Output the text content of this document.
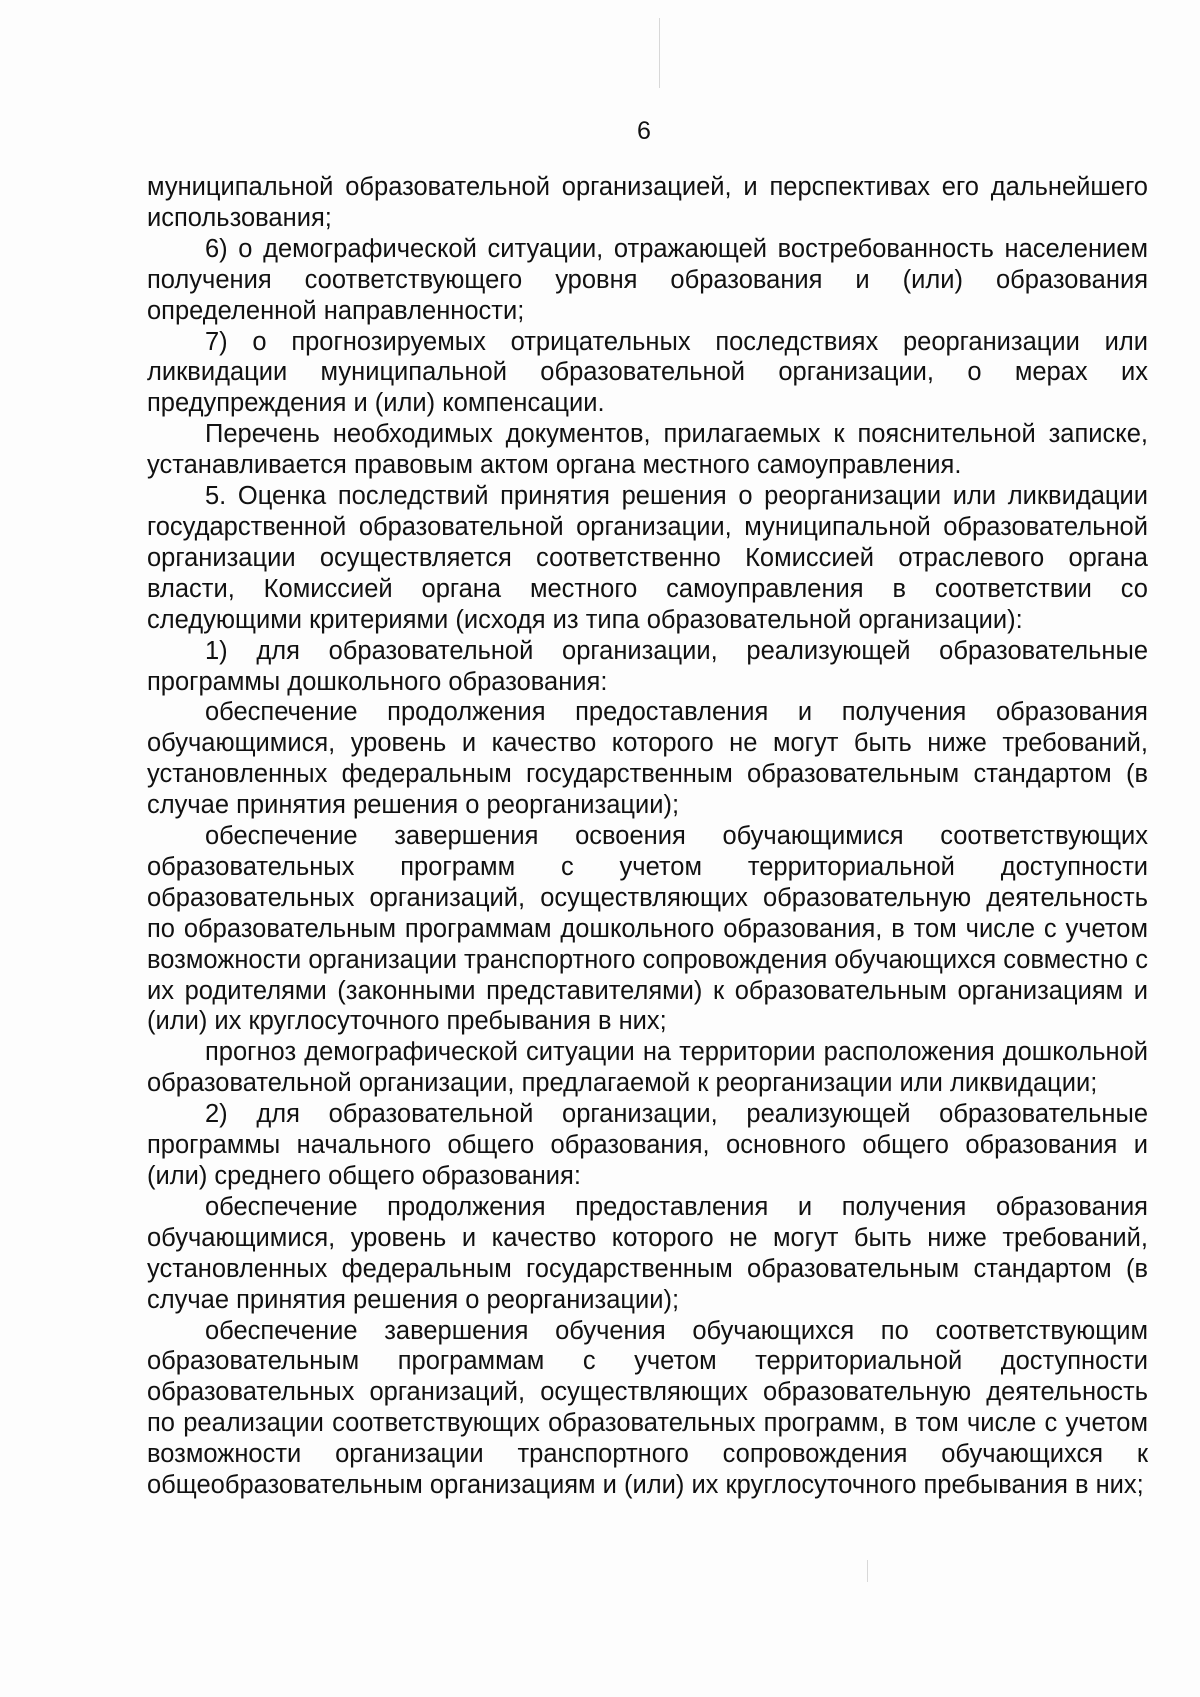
6

муниципальной образовательной организацией, и перспективах его дальнейшего использования;

6) о демографической ситуации, отражающей востребованность населением получения соответствующего уровня образования и (или) образования определенной направленности;

7) о прогнозируемых отрицательных последствиях реорганизации или ликвидации муниципальной образовательной организации, о мерах их предупреждения и (или) компенсации.

Перечень необходимых документов, прилагаемых к пояснительной записке, устанавливается правовым актом органа местного самоуправления.

5. Оценка последствий принятия решения о реорганизации или ликвидации государственной образовательной организации, муниципальной образовательной организации осуществляется соответственно Комиссией отраслевого органа власти, Комиссией органа местного самоуправления в соответствии со следующими критериями (исходя из типа образовательной организации):

1) для образовательной организации, реализующей образовательные программы дошкольного образования:

обеспечение продолжения предоставления и получения образования обучающимися, уровень и качество которого не могут быть ниже требований, установленных федеральным государственным образовательным стандартом (в случае принятия решения о реорганизации);

обеспечение завершения освоения обучающимися соответствующих образовательных программ с учетом территориальной доступности образовательных организаций, осуществляющих образовательную деятельность по образовательным программам дошкольного образования, в том числе с учетом возможности организации транспортного сопровождения обучающихся совместно с их родителями (законными представителями) к образовательным организациям и (или) их круглосуточного пребывания в них;

прогноз демографической ситуации на территории расположения дошкольной образовательной организации, предлагаемой к реорганизации или ликвидации;

2) для образовательной организации, реализующей образовательные программы начального общего образования, основного общего образования и (или) среднего общего образования:

обеспечение продолжения предоставления и получения образования обучающимися, уровень и качество которого не могут быть ниже требований, установленных федеральным государственным образовательным стандартом (в случае принятия решения о реорганизации);

обеспечение завершения обучения обучающихся по соответствующим образовательным программам с учетом территориальной доступности образовательных организаций, осуществляющих образовательную деятельность по реализации соответствующих образовательных программ, в том числе с учетом возможности организации транспортного сопровождения обучающихся к общеобразовательным организациям и (или) их круглосуточного пребывания в них;
